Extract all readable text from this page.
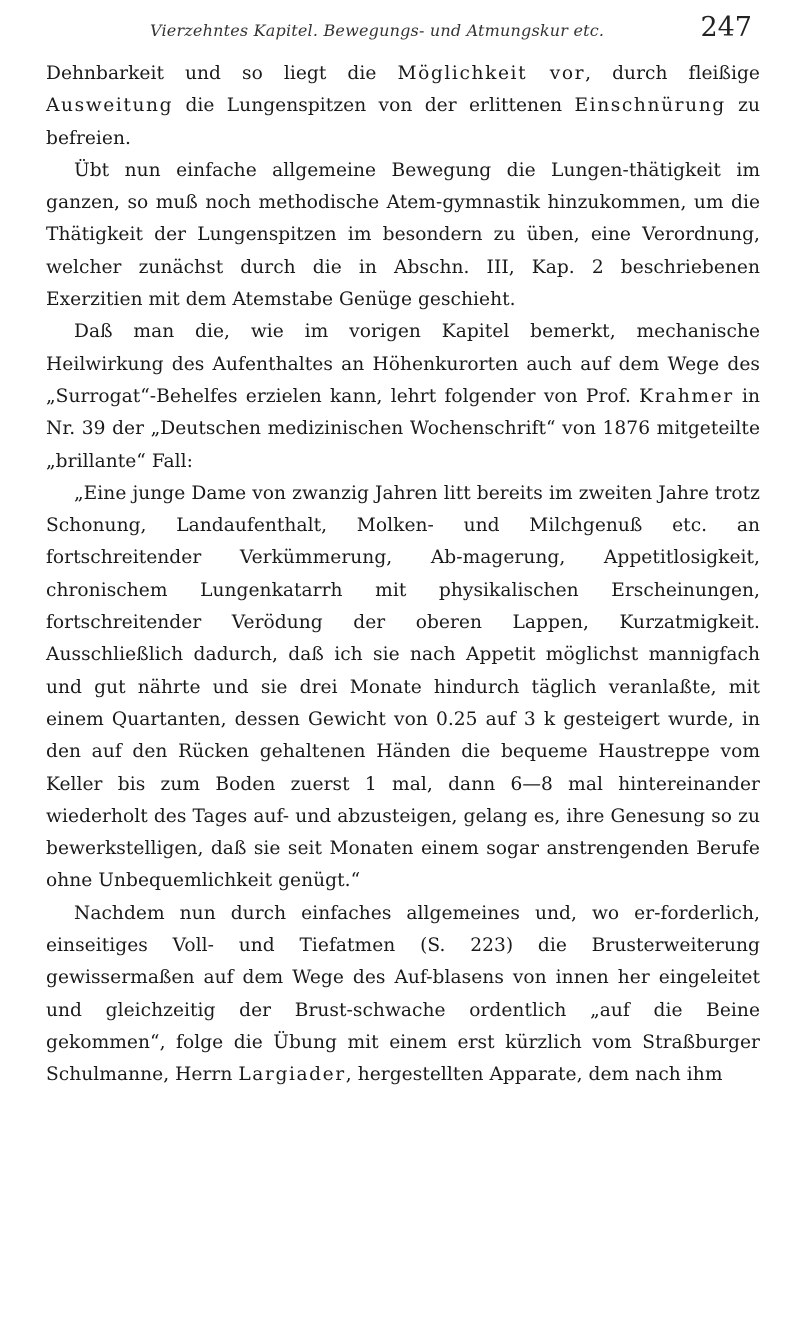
Vierzehntes Kapitel. Bewegungs- und Atmungskur etc.	247

Dehnbarkeit und so liegt die Möglichkeit vor, durch fleißige Ausweitung die Lungenspitzen von der erlittenen Einschnürung zu befreien.

Übt nun einfache allgemeine Bewegung die Lungen-thätigkeit im ganzen, so muß noch methodische Atem-gymnastik hinzukommen, um die Thätigkeit der Lungenspitzen im besondern zu üben, eine Verordnung, welcher zunächst durch die in Abschn. III, Kap. 2 beschriebenen Exerzitien mit dem Atemstabe Genüge geschieht.

Daß man die, wie im vorigen Kapitel bemerkt, mechanische Heilwirkung des Aufenthaltes an Höhenkurorten auch auf dem Wege des „Surrogat“-Behelfes erzielen kann, lehrt folgender von Prof. Krahmer in Nr. 39 der „Deutschen medizinischen Wochenschrift“ von 1876 mitgeteilte „brillante“ Fall:

„Eine junge Dame von zwanzig Jahren litt bereits im zweiten Jahre trotz Schonung, Landaufenthalt, Molken- und Milchgenuß etc. an fortschreitender Verkümmerung, Ab-magerung, Appetitlosigkeit, chronischem Lungenkatarrh mit physikalischen Erscheinungen, fortschreitender Verödung der oberen Lappen, Kurzatmigkeit. Ausschließlich dadurch, daß ich sie nach Appetit möglichst mannigfach und gut nährte und sie drei Monate hindurch täglich veranlaßte, mit einem Quartanten, dessen Gewicht von 0.25 auf 3 k gesteigert wurde, in den auf den Rücken gehaltenen Händen die bequeme Haustreppe vom Keller bis zum Boden zuerst 1 mal, dann 6—8 mal hintereinander wiederholt des Tages auf- und abzusteigen, gelang es, ihre Genesung so zu bewerkstelligen, daß sie seit Monaten einem sogar anstrengenden Berufe ohne Unbequemlichkeit genügt.“

Nachdem nun durch einfaches allgemeines und, wo er-forderlich, einseitiges Voll- und Tiefatmen (S. 223) die Brusterweiterung gewissermaßen auf dem Wege des Auf-blasens von innen her eingeleitet und gleichzeitig der Brust-schwache ordentlich „auf die Beine gekommen“, folge die Übung mit einem erst kürzlich vom Straßburger Schulmanne, Herrn Largiader, hergestellten Apparate, dem nach ihm
